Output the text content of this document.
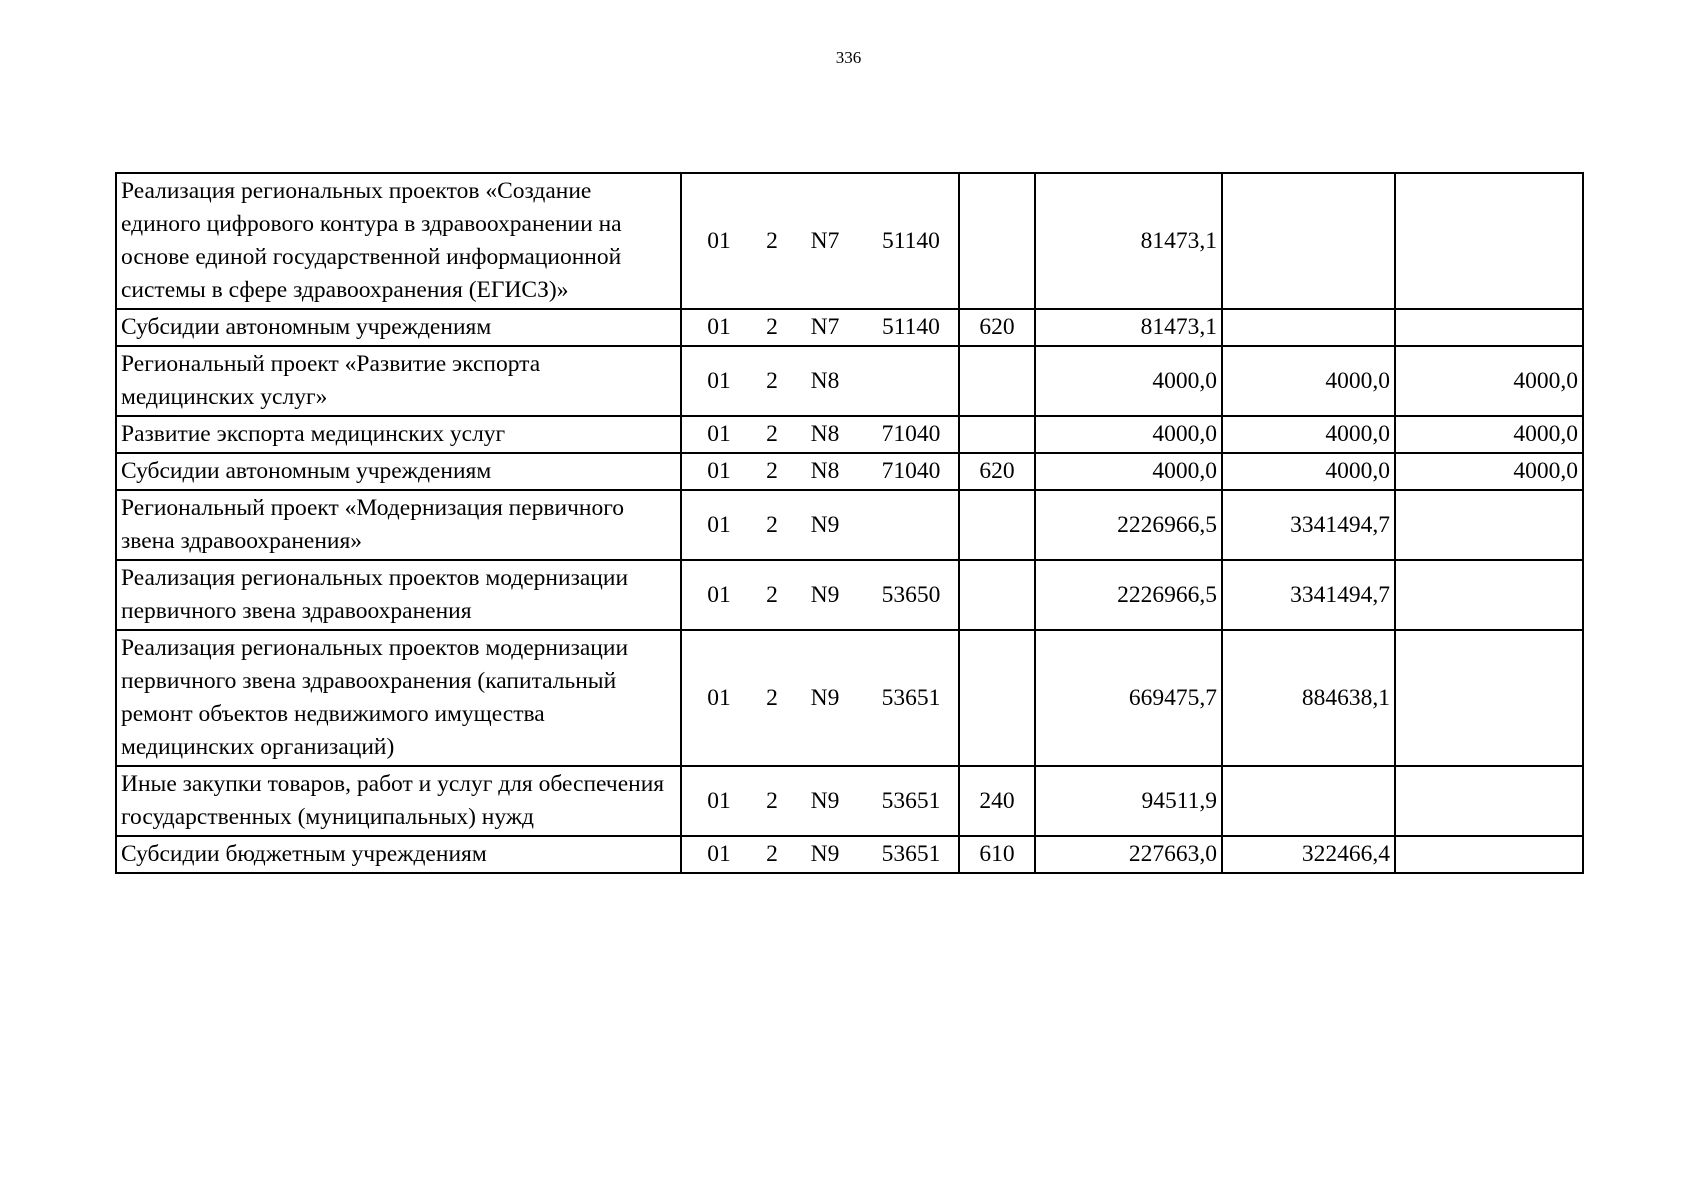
336
Реализация региональных проектов «Создание единого цифрового контура в здравоохранении на основе единой государственной информационной системы в сфере здравоохранения (ЕГИСЗ)»	01 2 N7 51140		81473,1		
Субсидии автономным учреждениям	01 2 N7 51140	620	81473,1		
Региональный проект «Развитие экспорта медицинских услуг»	01 2 N8		4000,0	4000,0	4000,0
Развитие экспорта медицинских услуг	01 2 N8 71040		4000,0	4000,0	4000,0
Субсидии автономным учреждениям	01 2 N8 71040	620	4000,0	4000,0	4000,0
Региональный проект «Модернизация первичного звена здравоохранения»	01 2 N9		2226966,5	3341494,7	
Реализация региональных проектов модернизации первичного звена здравоохранения	01 2 N9 53650		2226966,5	3341494,7	
Реализация региональных проектов модернизации первичного звена здравоохранения (капитальный ремонт объектов недвижимого имущества медицинских организаций)	01 2 N9 53651		669475,7	884638,1	
Иные закупки товаров, работ и услуг для обеспечения государственных (муниципальных) нужд	01 2 N9 53651	240	94511,9		
Субсидии бюджетным учреждениям	01 2 N9 53651	610	227663,0	322466,4	
